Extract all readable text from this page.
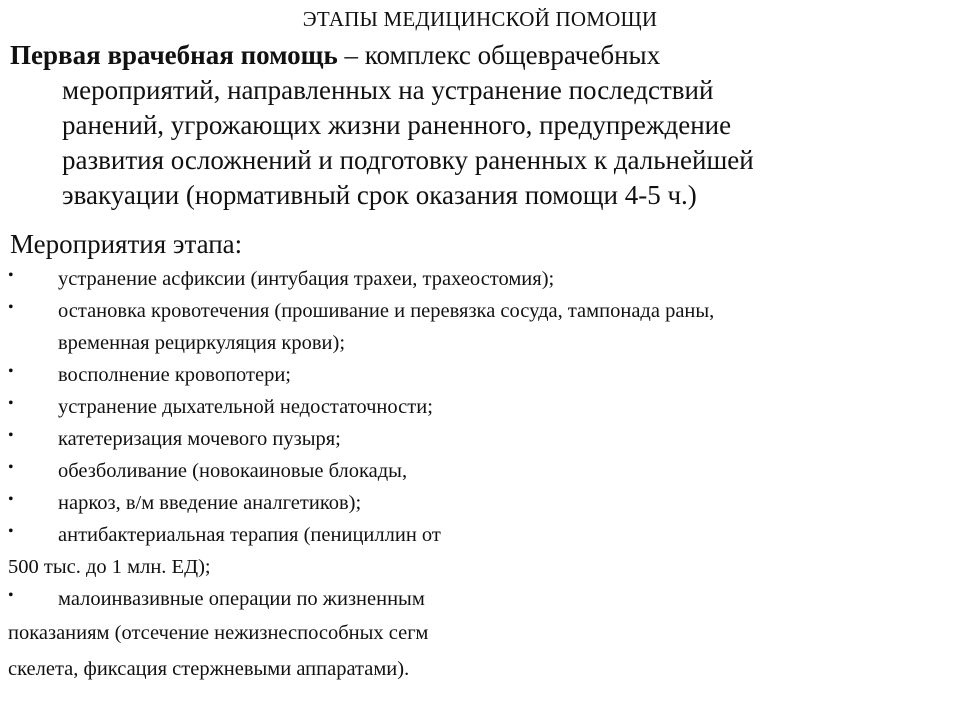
ЭТАПЫ МЕДИЦИНСКОЙ ПОМОЩИ
Первая врачебная помощь – комплекс общеврачебных
мероприятий, направленных на устранение последствий
ранений, угрожающих жизни раненного, предупреждение
развития осложнений и подготовку раненных к дальнейшей
эвакуации (нормативный срок оказания помощи 4-5 ч.)
Мероприятия этапа:
•
•
•
•
•
•
•
•
•
устранение асфиксии (интубация трахеи, трахеостомия);
остановка кровотечения (прошивание и перевязка сосуда, тампонада раны,
временная рециркуляция крови);
восполнение кровопотери;
устранение дыхательной недостаточности;
катетеризация мочевого пузыря;
обезболивание (новокаиновые блокады,
наркоз, в/м введение аналгетиков);
антибактериальная терапия (пенициллин от
500 тыс. до 1 млн. ЕД);
малоинвазивные операции по жизненным
показаниям (отсечение нежизнеспособных сегм
скелета, фиксация стержневыми аппаратами).
